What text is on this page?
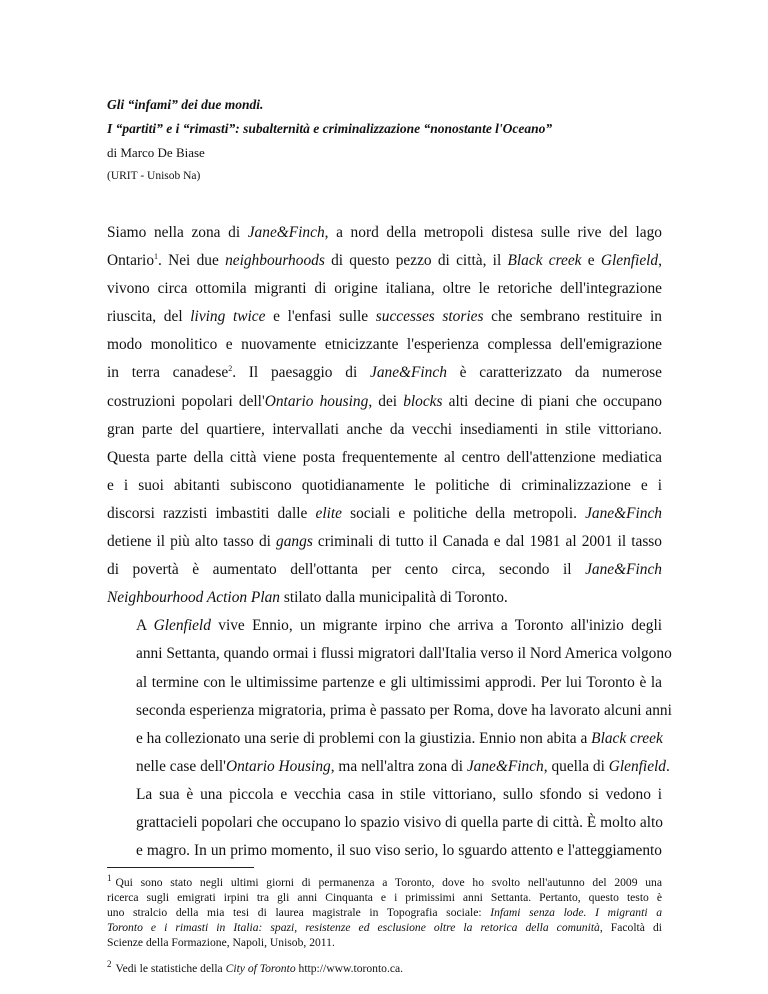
Gli “infami” dei due mondi.

I “partiti” e i “rimasti”: subalternità e criminalizzazione “nonostante l'Oceano”

di Marco De Biase
(URIT - Unisob Na)
Siamo nella zona di Jane&Finch, a nord della metropoli distesa sulle rive del lago
Ontario$^1$. Nei due neighbourhoods di questo pezzo di città, il Black creek e Glenfield,
vivono circa ottomila migranti di origine italiana, oltre le retoriche dell'integrazione
riuscita, del living twice e l'enfasi sulle successes stories che sembrano restituire in
modo monolitico e nuovamente etnicizzante l'esperienza complessa dell'emigrazione
in terra canadese$^2$. Il paesaggio di Jane&Finch è caratterizzato da numerose
costruzioni popolari dell'Ontario housing, dei blocks alti decine di piani che occupano
gran parte del quartiere, intervallati anche da vecchi insediamenti in stile vittoriano.
Questa parte della città viene posta frequentemente al centro dell'attenzione mediatica
e i suoi abitanti subiscono quotidianamente le politiche di criminalizzazione e i
discorsi razzisti imbastiti dalle elite sociali e politiche della metropoli. Jane&Finch
detiene il più alto tasso di gangs criminali di tutto il Canada e dal 1981 al 2001 il tasso
di povertà è aumentato dell'ottanta per cento circa, secondo il Jane&Finch
Neighbourhood Action Plan stilato dalla municipalità di Toronto.
A Glenfield vive Ennio, un migrante irpino che arriva a Toronto all'inizio degli
anni Settanta, quando ormai i flussi migratori dall'Italia verso il Nord America volgono
al termine con le ultimissime partenze e gli ultimissimi approdi. Per lui Toronto è la
seconda esperienza migratoria, prima è passato per Roma, dove ha lavorato alcuni anni
e ha collezionato una serie di problemi con la giustizia. Ennio non abita a Black creek
nelle case dell'Ontario Housing, ma nell'altra zona di Jane&Finch, quella di Glenfield.
La sua è una piccola e vecchia casa in stile vittoriano, sullo sfondo si vedono i
grattacieli popolari che occupano lo spazio visivo di quella parte di città. È molto alto
e magro. In un primo momento, il suo viso serio, lo sguardo attento e l'atteggiamento
$^1$ Qui sono stato negli ultimi giorni di permanenza a Toronto, dove ho svolto nell'autunno del 2009 una
ricerca sugli emigrati irpini tra gli anni Cinquanta e i primissimi anni Settanta. Pertanto, questo testo è
uno stralcio della mia tesi di laurea magistrale in Topografia sociale: Infami senza lode. I migranti a
Toronto e i rimasti in Italia: spazi, resistenze ed esclusione oltre la retorica della comunità, Facoltà di
Scienze della Formazione, Napoli, Unisob, 2011.
$^2$ Vedi le statistiche della City of Toronto http://www.toronto.ca.
